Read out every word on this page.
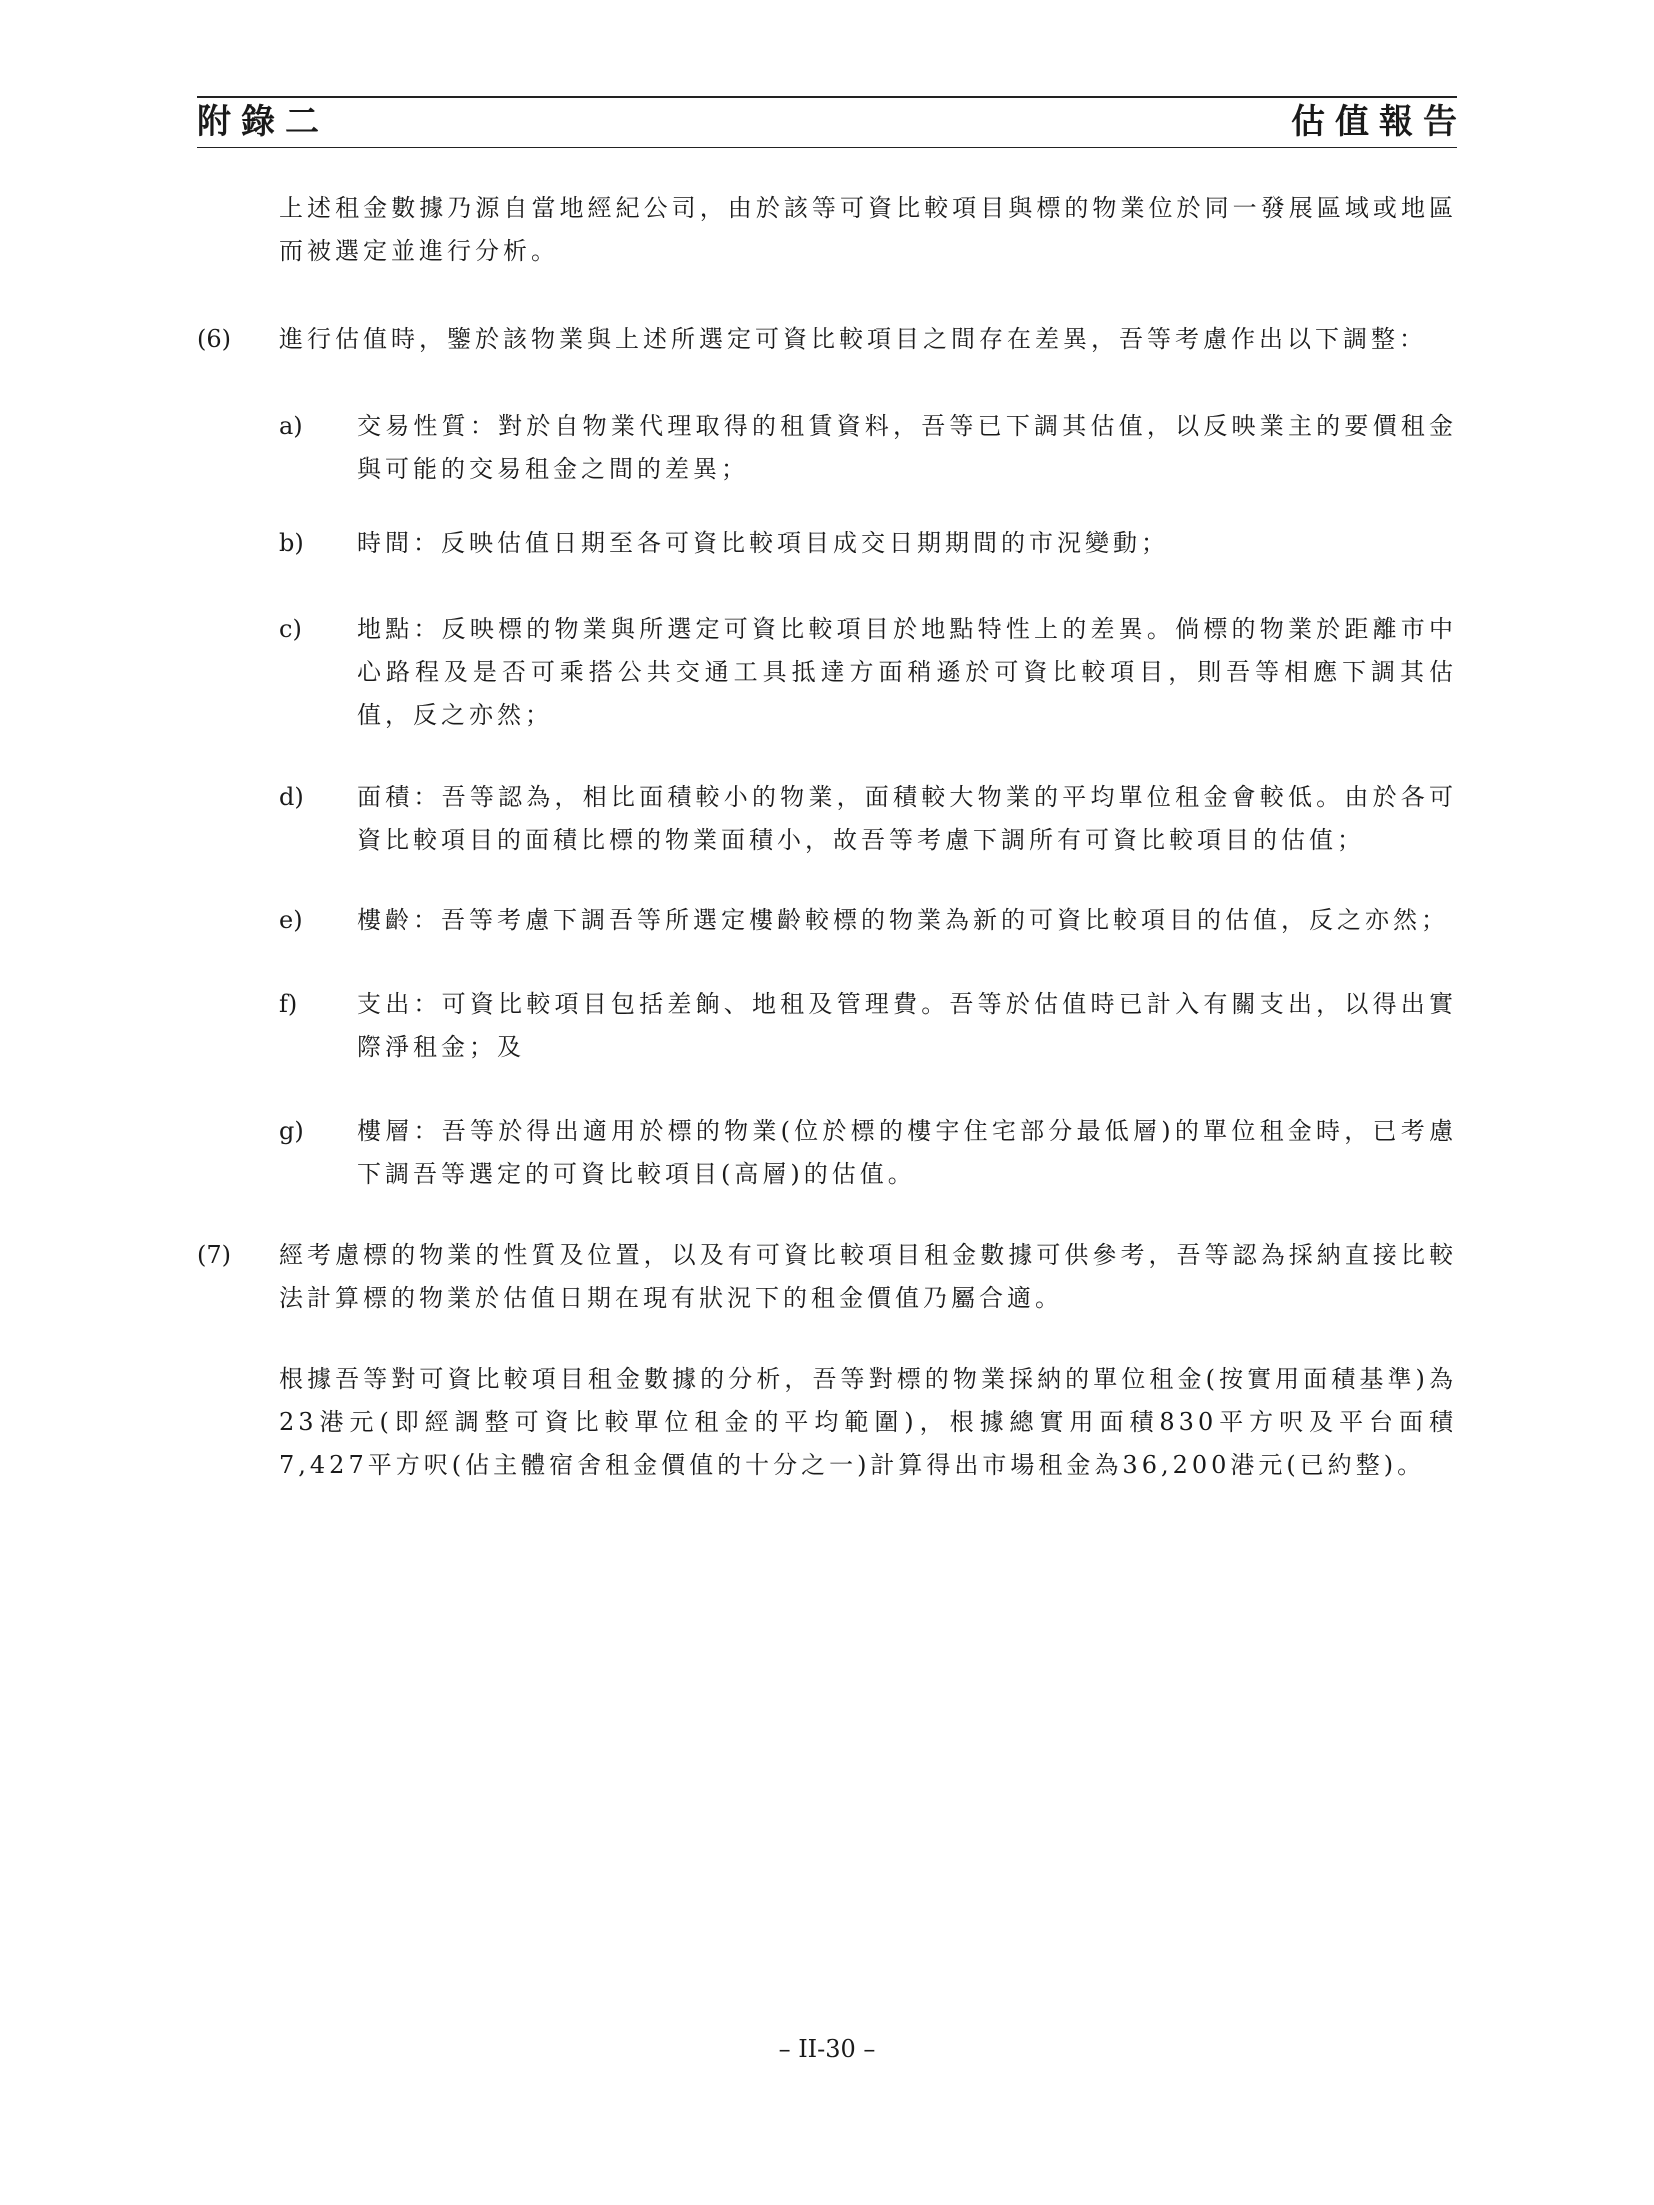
附錄二	估值報告
上述租金數據乃源自當地經紀公司，由於該等可資比較項目與標的物業位於同一發展區域或地區而被選定並進行分析。
(6) 進行估值時，鑒於該物業與上述所選定可資比較項目之間存在差異，吾等考慮作出以下調整：
a) 交易性質：對於自物業代理取得的租賃資料，吾等已下調其估值，以反映業主的要價租金與可能的交易租金之間的差異；
b) 時間：反映估值日期至各可資比較項目成交日期期間的市況變動；
c) 地點：反映標的物業與所選定可資比較項目於地點特性上的差異。倘標的物業於距離市中心路程及是否可乘搭公共交通工具抵達方面稍遜於可資比較項目，則吾等相應下調其估值，反之亦然；
d) 面積：吾等認為，相比面積較小的物業，面積較大物業的平均單位租金會較低。由於各可資比較項目的面積比標的物業面積小，故吾等考慮下調所有可資比較項目的估值；
e) 樓齡：吾等考慮下調吾等所選定樓齡較標的物業為新的可資比較項目的估值，反之亦然；
f) 支出：可資比較項目包括差餉、地租及管理費。吾等於估值時已計入有關支出，以得出實際淨租金；及
g) 樓層：吾等於得出適用於標的物業(位於標的樓宇住宅部分最低層)的單位租金時，已考慮下調吾等選定的可資比較項目(高層)的估值。
(7) 經考慮標的物業的性質及位置，以及有可資比較項目租金數據可供參考，吾等認為採納直接比較法計算標的物業於估值日期在現有狀況下的租金價值乃屬合適。
根據吾等對可資比較項目租金數據的分析，吾等對標的物業採納的單位租金(按實用面積基準)為23港元(即經調整可資比較單位租金的平均範圍)，根據總實用面積830平方呎及平台面積7,427平方呎(佔主體宿舍租金價值的十分之一)計算得出市場租金為36,200港元(已約整)。
– II-30 –
